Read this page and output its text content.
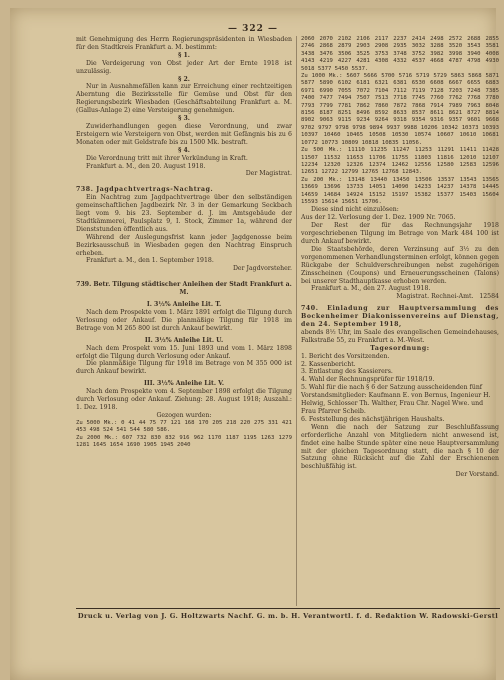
— 322 —

mit Genehmigung des Herrn Regierungspräsidenten in Wiesbaden für den Stadtkreis Frankfurt a. M. bestimmt:

§ 1.

Die Verdeigerung von Obst jeder Art der Ernte 1918 ist unzulässig.

§ 2.

Nur in Ausnahmefällen kann zur Erreichung einer rechtzeitigen Aberntung die Bezirksstelle für Gemüse und Obst für den Regierungsbezirk Wiesbaden (Geschäftsabteilung Frankfurt a. M. (Gallus-Anlage 2) eine Versteigerung genehmigen.

§ 3.

Zuwiderhandlungen gegen diese Verordnung, und zwar Ersteigern wie Versteigern von Obst, werden mit Gefängnis bis zu 6 Monaten oder mit Geldstrafe bis zu 1500 Mk. bestraft.

§ 4.

Die Verordnung tritt mit ihrer Verkündung in Kraft.

Frankfurt a. M., den 20. August 1918.

Der Magistrat.

738. Jagdpachtvertrags-Nachtrag.

Ein Nachtrag zum Jagdpachtvertrage über den selbständigen gemeinschaftlichen Jagdbezirk Nr. 3 in der Gemarkung Seckbach liegt vom 9. bis 23. September d. J. im Amtsgebäude der Stadtkämmerei, Paulsplatz 9, I. Stock, Zimmer 1a, während der Dienststunden öffentlich aus.

Während der Auslegungsfrist kann jeder Jagdgenosse beim Bezirksausschuß in Wiesbaden gegen den Nachtrag Einspruch erheben.

Frankfurt a. M., den 1. September 1918.

Der Jagdvorsteher.

739. Betr. Tilgung städtischer Anleihen der Stadt Frankfurt a. M.

I. 3½% Anleihe Lit. T.

Nach dem Prospekte vom 1. März 1891 erfolgt die Tilgung durch Verlosung oder Ankauf. Die planmäßige Tilgung für 1918 im Betrage von M 265 800 ist durch Ankauf bewirkt.

II. 3½% Anleihe Lit. U.

Nach dem Prospekt vom 15. Juni 1893 und vom 1. März 1898 erfolgt die Tilgung durch Verlosung oder Ankauf.

Die planmäßige Tilgung für 1918 im Betrage von M 355 000 ist durch Ankauf bewirkt.

III. 3½% Anleihe Lit. V.

Nach dem Prospekte vom 4. September 1898 erfolgt die Tilgung durch Verlosung oder Ankauf. Ziehung: 28. August 1918; Auszahl.: 1. Dez. 1918.

Gezogen wurden:

Zu 5000 Mk.: 0 41 44 75 77 121 168 170 205 218 220 275 331 421 453 498 524 541 544 580 586.

Zu 2000 Mk.: 607 732 830 832 916 962 1170 1187 1195 1263 1279 1281 1645 1654 1690 1905 1945 2040

2060 2070 2102 2106 2117 2237 2414 2498 2572 2688 2855 2746 2868 2879 2903 2908 2935 3032 3288 3520 3543 3581 3438 3476 3506 3525 3753 3748 3752 3982 3998 3940 4008 4143 4219 4227 4281 4308 4332 4537 4668 4787 4798 4930 5018 5377 5450 5537.

Zu 1000 Mk.: 5607 5666 5700 5716 5719 5729 5863 5868 5871 5877 5890 6102 6181 6321 6381 6530 6608 6667 6655 6883 6971 6990 7055 7072 7104 7112 7119 7128 7203 7248 7385 7400 7477 7494 7507 7513 7718 7745 7760 7762 7768 7780 7793 7799 7781 7862 7860 7872 7868 7914 7989 7963 8048 8156 8187 8251 8496 8592 8633 8537 8611 8621 8727 8814 8902 9063 9115 9234 9264 9318 9354 9316 9357 9601 9668 9702 9797 9798 9798 9894 9937 9988 10206 10342 10373 10393 10397 10460 10465 10508 10530 10574 10607 10610 10681 10772 10773 10809 10818 10835 11056.

Zu 500 Mk.: 11110 11235 11247 11253 11291 11411 11428 11507 11532 11653 11706 11755 11803 11816 12010 12107 12234 12320 12326 12374 12462 12556 12580 12583 12596 12651 12722 12799 12765 12768 12843.

Zu 200 Mk.: 13148 13440 13450 13506 13537 13543 13565 13669 13696 13733 14051 14090 14233 14237 14378 14445 14659 14684 14924 15152 15197 15382 15377 15403 15604 15593 15614 15651 15706.

Diese sind nicht einzulösen:

Aus der 12. Verlosung der 1. Dez. 1909 Nr. 7065.

Der Rest der für das Rechnungsjahr 1918 vorgeschriebenen Tilgung im Betrage von Mark 484 100 ist durch Ankauf bewirkt.

Die Staatsbehörde, deren Verzinsung auf 3½ zu den vorgenommenen Verhandlungsterminen erfolgt, können gegen Rückgabe der Schuldverschreibungen nebst zugehörigen Zinsscheinen (Coupons) und Erneuerungsscheinen (Talons) bei unserer Stadthauptkasse erhoben werden.

Frankfurt a. M., den 27. August 1918.

Magistrat. Rechnei-Amt. 12584

740. Einladung zur Hauptversammlung des Bockenheimer Diakonissenvereins auf Dienstag, den 24. September 1918,

abends 8½ Uhr, im Saale des evangelischen Gemeindehauses, Falkstraße 55, zu Frankfurt a. M.-West.

Tagesordnung:

1. Bericht des Vorsitzenden.
2. Kassenbericht.
3. Entlastung des Kassierers.
4. Wahl der Rechnungsprüfer für 1918/19.
5. Wahl für die nach § 6 der Satzung ausscheidenden fünf Vorstandsmitglieder: Kaufmann E. von Bernus, Ingenieur H. Helwig, Schlosser Th. Walther, Frau Chr. Nagel Wwe. und Frau Pfarrer Scheib.
6. Feststellung des nächstjährigen Haushalts.

Wenn die nach der Satzung zur Beschlußfassung erforderliche Anzahl von Mitgliedern nicht anwesend ist, findet eine halbe Stunde später eine neue Hauptversammlung mit der gleichen Tagesordnung statt, die nach § 10 der Satzung ohne Rücksicht auf die Zahl der Erschienenen beschlußfähig ist.

Der Vorstand.

Druck u. Verlag von J. G. Holtzwarts Nachf. G. m. b. H. Verantwortl. f. d. Redaktion W. Radowski-Gerstl
